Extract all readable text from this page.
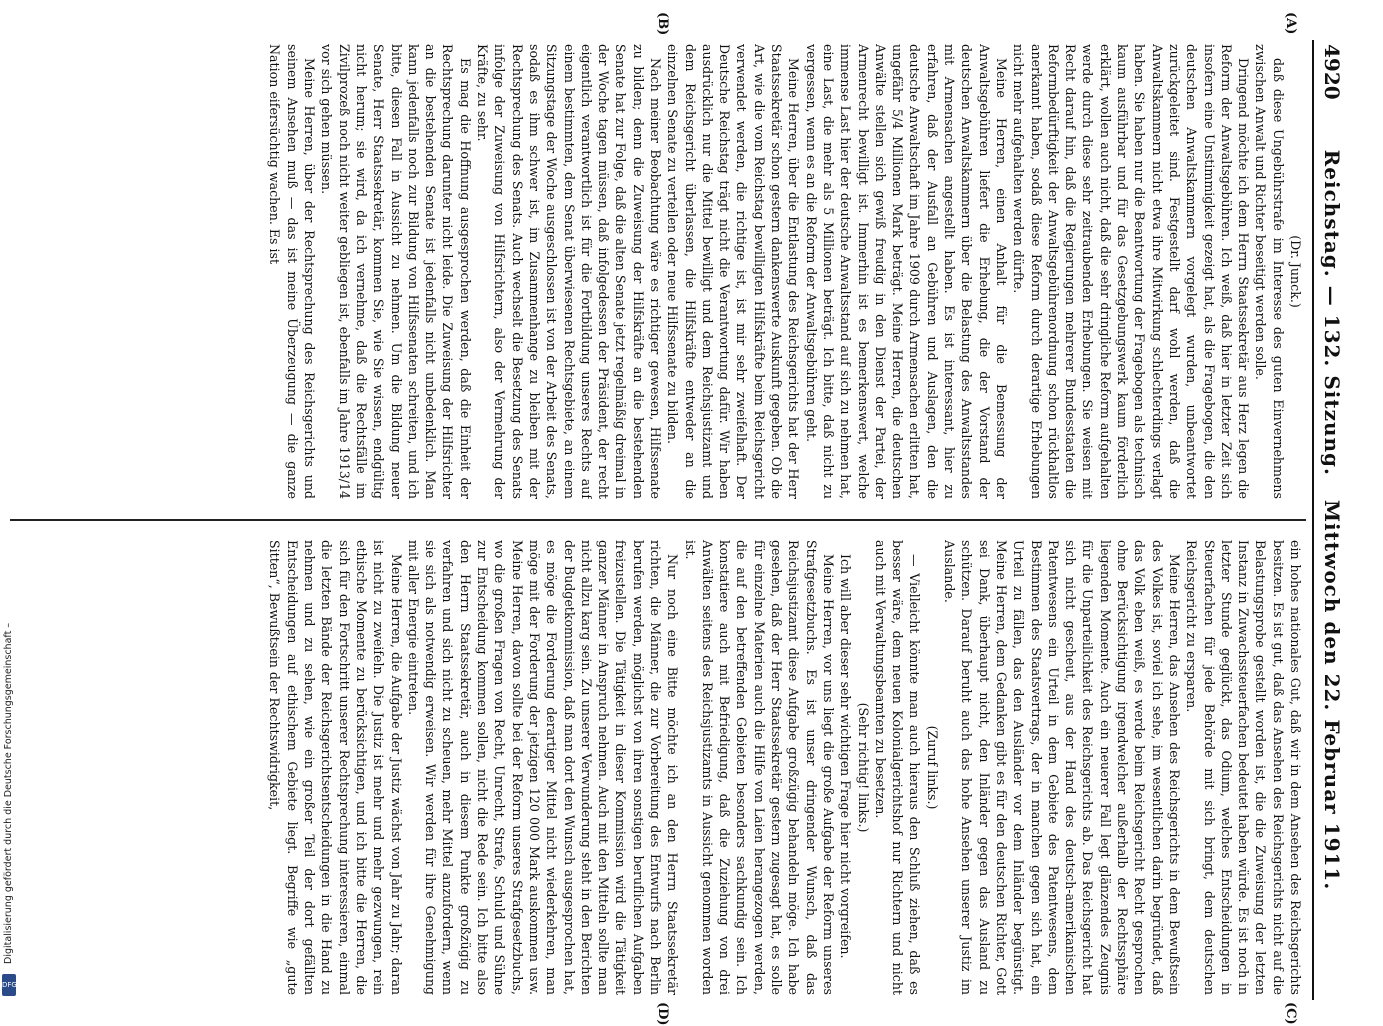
4920
Reichstag. — 132. Sitzung.   Mittwoch den 22. Februar 1911.
(A)
(B)
(C)
(D)

(Dr. Junck.)

daß diese Ungebührstrafe im Interesse des guten Einvernehmens zwischen Anwalt und Richter beseitigt werden solle.

Dringend möchte ich dem Herrn Staatssekretär aus Herz legen die Reform der Anwaltsgebühren. Ich weiß, daß hier in letzter Zeit sich insofern eine Unstimmigkeit gezeigt hat, als die Fragebogen, die den deutschen Anwaltskammern vorgelegt wurden, unbeantwortet zurückgeleitet sind. Festgestellt darf wohl werden, daß die Anwaltskammern nicht etwa ihre Mitwirkung schlechterdings verlagt haben. Sie haben nur die Beantwortung der Fragebogen als technisch kaum ausführbar und für das Gesetzgebungswerk kaum förderlich erklärt, wollen auch nicht, daß die sehr dringliche Reform aufgehalten werde durch diese sehr zeitraubenden Erhebungen. Sie weisen mit Recht darauf hin, daß die Regierungen mehrerer Bundesstaaten die Reformbedürftigkeit der Anwaltsgebührenordnung schon rückhaltlos anerkannt haben, sodaß diese Reform durch derartige Erhebungen nicht mehr aufgehalten werden dürfte.

Meine Herren, einen Anhalt für die Bemessung der Anwaltsgebühren liefert die Erhebung, die der Vorstand der deutschen Anwaltskammern über die Belastung des Anwaltsstandes mit Armensachen angestellt haben. Es ist interessant, hier zu erfahren, daß der Ausfall an Gebühren und Auslagen, den die deutsche Anwaltschaft im Jahre 1909 durch Armensachen erlitten hat, ungefähr 5/4 Millionen Mark beträgt. Meine Herren, die deutschen Anwälte stellen sich gewiß freudig in den Dienst der Partei, der Armenrecht bewilligt ist. Immerhin ist es bemerkenswert, welche immense Last hier der deutsche Anwaltsstand auf sich zu nehmen hat, eine Last, die mehr als 5 Millionen beträgt. Ich bitte, daß nicht zu vergessen, wenn es an die Reform der Anwaltsgebühren geht.

Meine Herren, über die Entlastung des Reichsgerichts hat der Herr Staatssekretär schon gestern dankenswerte Auskunft gegeben. Ob die Art, wie die vom Reichstag bewilligten Hilfskräfte beim Reichsgericht verwendet werden, die richtige ist, ist mir sehr zweifelhaft. Der Deutsche Reichstag trägt nicht die Verantwortung dafür. Wir haben ausdrücklich nur die Mittel bewilligt und dem Reichsjustizamt und dem Reichsgericht überlassen, die Hilfskräfte entweder an die einzelnen Senate zu verteilen oder neue Hilfssenate zu bilden.

Nach meiner Beobachtung wäre es richtiger gewesen, Hilfssenate zu bilden; denn die Zuweisung der Hilfskräfte an die bestehenden Senate hat zur Folge, daß die alten Senate jetzt regelmäßig dreimal in der Woche tagen müssen, daß infolgedessen der Präsident, der recht eigentlich verantwortlich ist für die Fortbildung unseres Rechts auf einem bestimmten, dem Senat überwiesenen Rechtsgebiete, an einem Sitzungstage der Woche ausgeschlossen ist von der Arbeit des Senats, sodaß es ihm schwer ist, im Zusammenhange zu bleiben mit der Rechtsprechung des Senats. Auch wechselt die Besetzung des Senats infolge der Zuweisung von Hilfsrichtern, also der Vermehrung der Kräfte, zu sehr.

Es mag die Hoffnung ausgesprochen werden, daß die Einheit der Rechtsprechung darunter nicht leide. Die Zuweisung der Hilfsrichter an die bestehenden Senate ist jedenfalls nicht unbedenklich. Man kann jedenfalls noch zur Bildung von Hilfssenaten schreiten, und ich bitte, diesen Fall in Aussicht zu nehmen. Um die Bildung neuer Senate, Herr Staatssekretär, kommen Sie, wie Sie wissen, endgültig nicht herum; sie wird, da ich vernehme, daß die Rechtsfälle im Zivilprozeß noch nicht weiter gebliegen ist, ebenfalls im Jahre 1913/14 vor sich gehen müssen.

Meine Herren, über der Rechtsprechung des Reichsgerichts und seinem Ansehen muß — das ist meine Überzeugung — die ganze Nation eifersüchtig wachen. Es ist

ein hohes nationales Gut, daß wir in dem Ansehen des Reichsgerichts besitzen. Es ist gut, daß das Ansehen des Reichsgerichts nicht auf die Belastungsprobe gestellt worden ist, die die Zuweisung der letzten Instanz in Zuwachssteuerfachen bedeutet haben würde. Es ist noch in letzter Stunde geglückt, das Odium, welches Entscheidungen in Steuerfachen für jede Behörde mit sich bringt, dem deutschen Reichsgericht zu ersparen.

Meine Herren, das Ansehen des Reichsgerichts in dem Bewußtsein des Volkes ist, soviel ich sehe, im wesentlichen darin begründet, daß das Volk eben weiß, es werde beim Reichsgericht Recht gesprochen ohne Berücksichtigung irgendwelcher außerhalb der Rechtssphäre liegenden Momente. Auch ein neuerer Fall legt glänzendes Zeugnis für die Unparteilichkeit des Reichsgerichts ab. Das Reichsgericht hat sich nicht gescheut, aus der Hand des deutsch-amerikanischen Patentwesens ein Urteil in dem Gebiete des Patentwesens, dem Bestimmen des Staatsvertrags, der in manchen gegen sich hat, ein Urteil zu fällen, das den Ausländer vor dem Inländer begünstigt. Meine Herren, dem Gedanken gibt es für den deutschen Richter, Gott sei Dank, überhaupt nicht, den Inländer gegen das Ausland zu schützen. Darauf beruht auch das hohe Ansehen unserer Justiz im Auslande.

(Zuruf links.)

— Vielleicht könnte man auch hieraus den Schluß ziehen, daß es besser wäre, dem neuen Kolonialgerichtshof nur Richtern und nicht auch mit Verwaltungsbeamten zu besetzen.

(Sehr richtig! links.)

Ich will aber dieser sehr wichtigen Frage hier nicht vorgreifen.

Meine Herren, vor uns liegt die große Aufgabe der Reform unseres Strafgesetzbuchs. Es ist unser dringender Wunsch, daß das Reichsjustizamt diese Aufgabe großzügig behandeln möge. Ich habe gesehen, daß der Herr Staatssekretär gestern zugesagt hat, es solle für einzelne Materien auch die Hilfe von Laien herangezogen werden, die auf den betreffenden Gebieten besonders sachkundig sein. Ich konstatiere auch mit Befriedigung, daß die Zuziehung von drei Anwälten seitens des Reichsjustizamts in Aussicht genommen worden ist.

Nur noch eine Bitte möchte ich an den Herrn Staatssekretär richten, die Männer, die zur Vorbereitung des Entwurfs nach Berlin berufen werden, möglichst von ihren sonstigen beruflichen Aufgaben freizustellen. Die Tätigkeit in dieser Kommission wird die Tätigkeit ganzer Männer in Anspruch nehmen. Auch mit den Mitteln sollte man nicht allzu karg sein. Zu unserer Verwunderung steht in den Berichten der Budgetkommission, daß man dort den Wunsch ausgesprochen hat, es möge die Forderung derartiger Mittel nicht wiederkehren, man möge mit der Forderung der jetzigen 120 000 Mark auskommen usw. Meine Herren, davon sollte bei der Reform unseres Strafgesetzbuchs, wo die großen Fragen von Recht, Unrecht, Strafe, Schuld und Sühne zur Entscheidung kommen sollen, nicht die Rede sein. Ich bitte also den Herrn Staatssekretär, auch in diesem Punkte großzügig zu verfahren und sich nicht zu scheuen, mehr Mittel anzufordern, wenn sie sich als notwendig erweisen. Wir werden für ihre Genehmigung mit aller Energie eintreten.

Meine Herren, die Aufgabe der Justiz wächst von Jahr zu Jahr; daran ist nicht zu zweifeln. Die Justiz ist mehr und mehr gezwungen, rein ethische Momente zu berücksichtigen, und ich bitte die Herren, die sich für den Fortschritt unserer Rechtsprechung interessieren, einmal die letzten Bände der Reichsgerichtsentscheidungen in die Hand zu nehmen und zu sehen, wie ein großer Teil der dort gefällten Entscheidungen auf ethischem Gebiete liegt. Begriffe wie „gute Sitten“, Bewußtsein der Rechtswidrigkeit,

Digitalisierung gefördert durch die Deutsche Forschungsgemeinschaft –
DFG
